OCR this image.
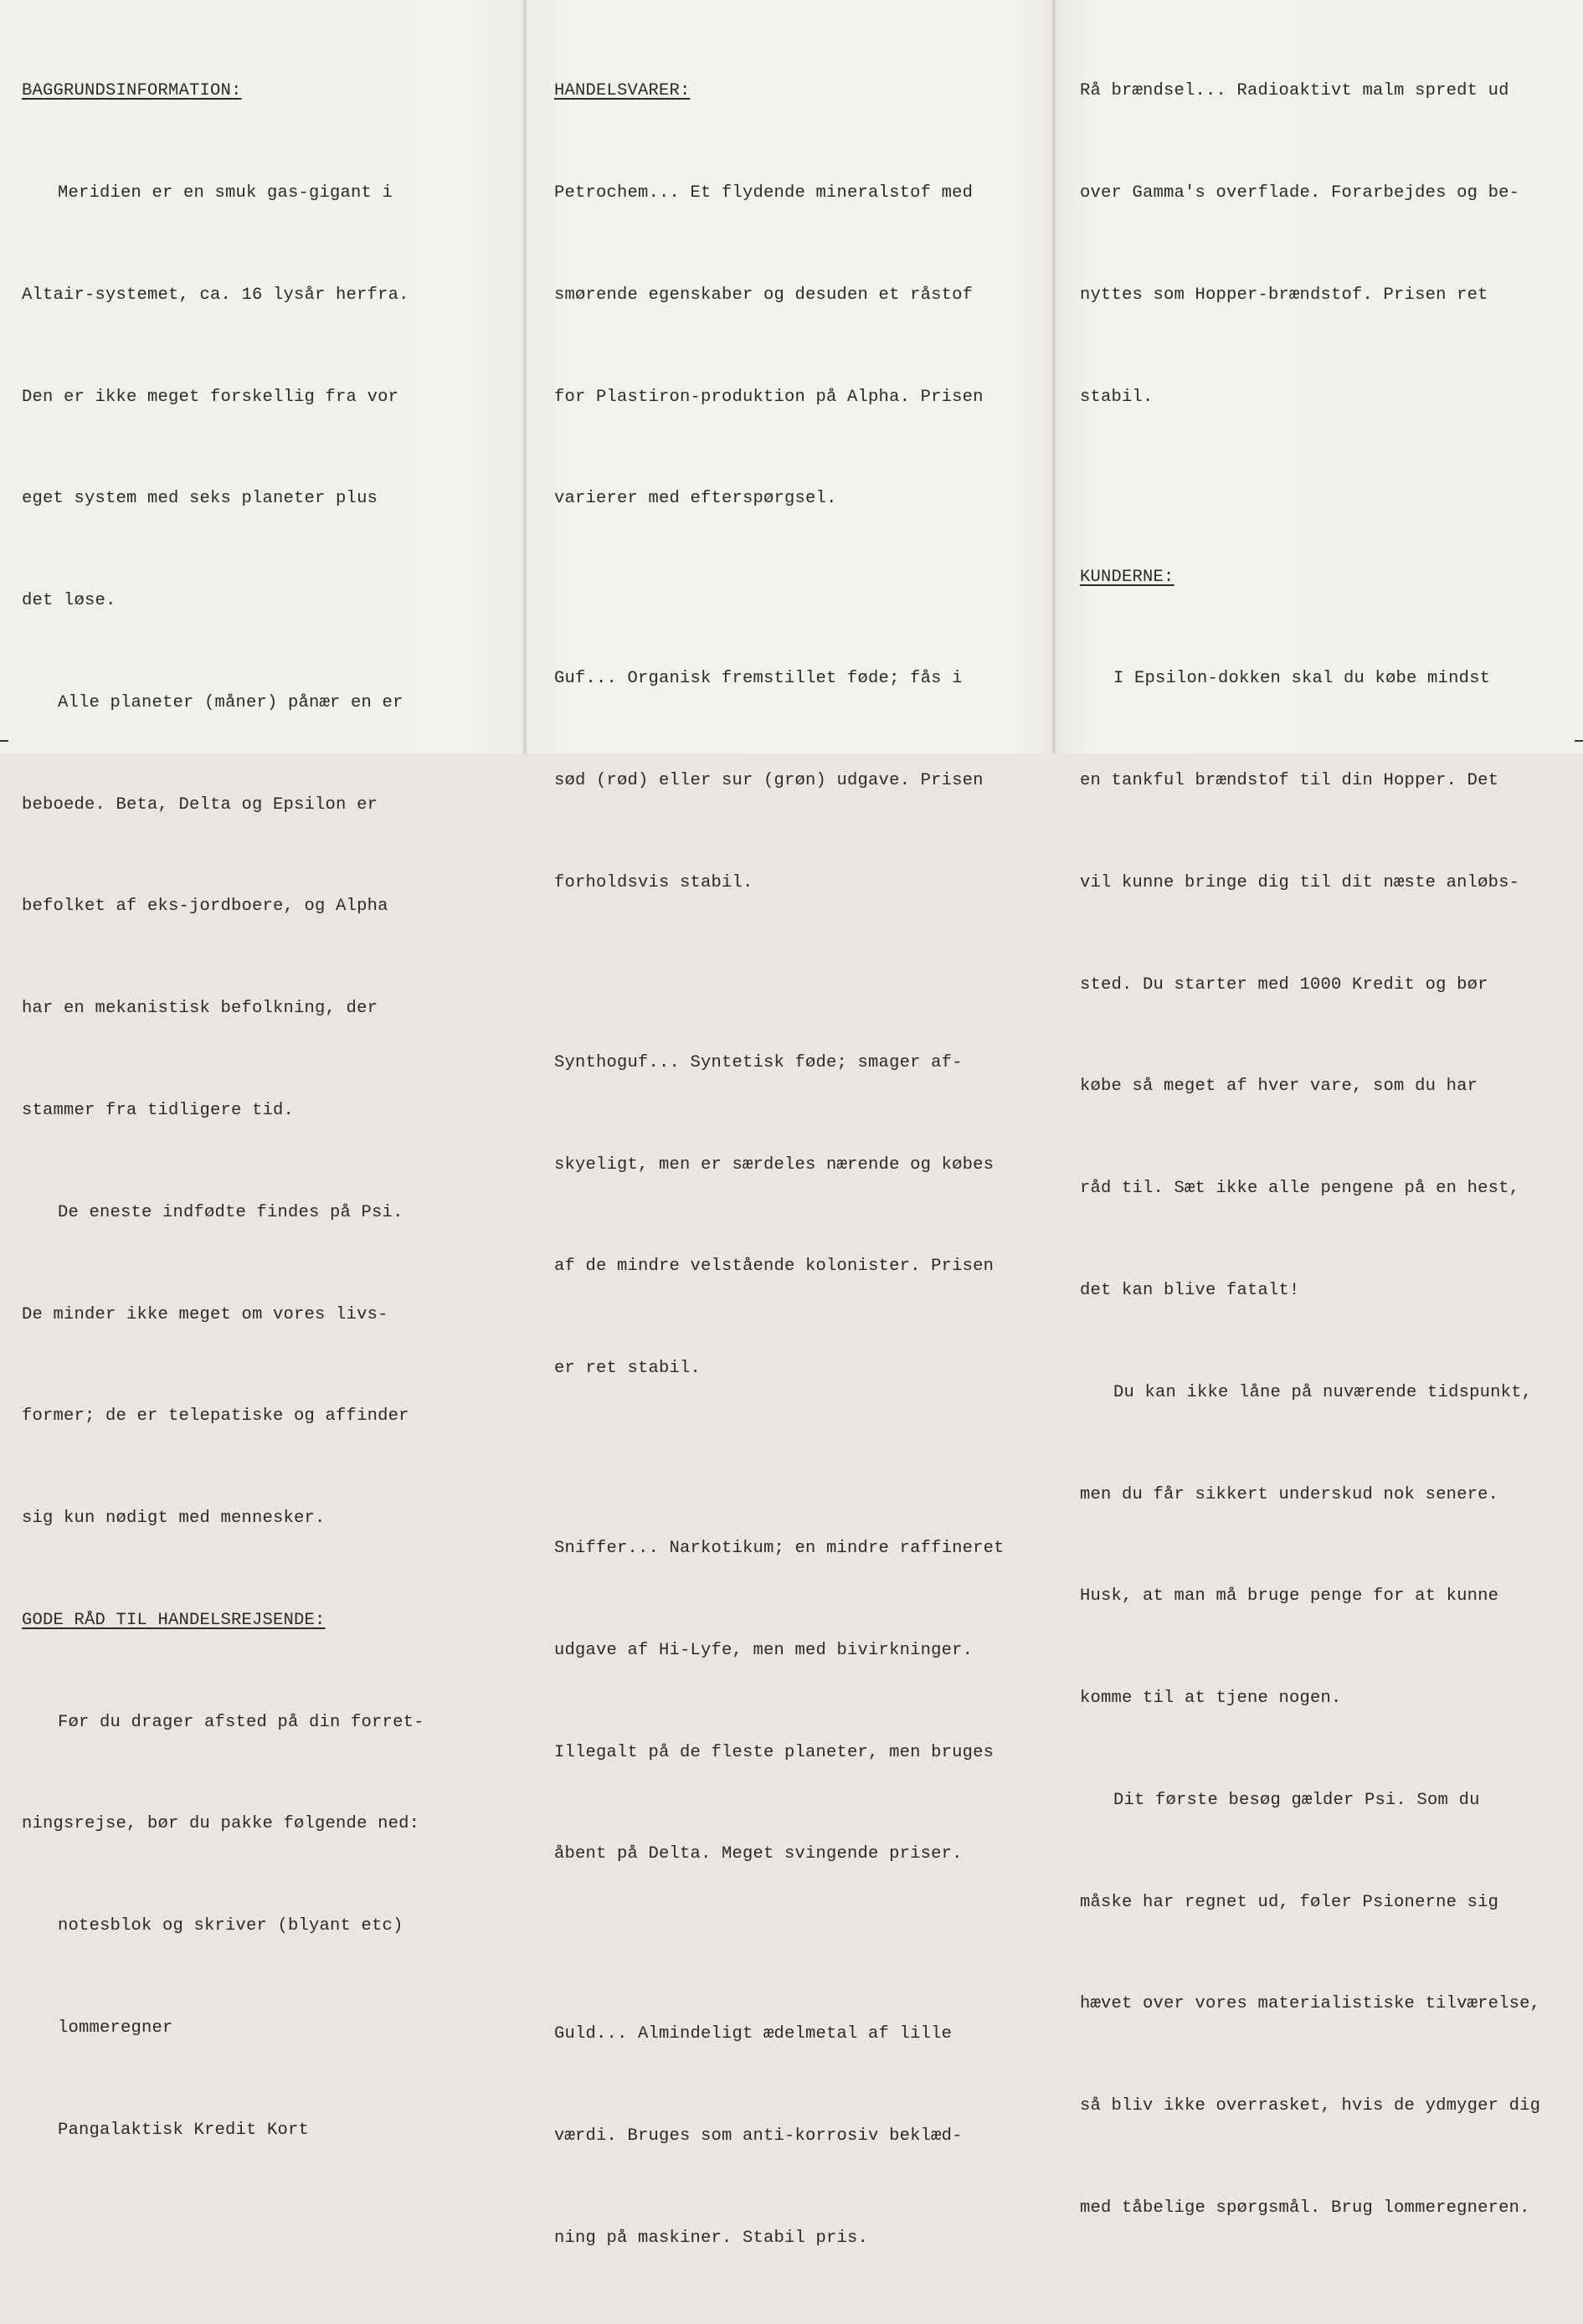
BAGGRUNDSINFORMATION:

Meridien er en smuk gas-gigant i

Altair-systemet, ca. 16 lysår herfra.

Den er ikke meget forskellig fra vor

eget system med seks planeter plus

det løse.

Alle planeter (måner) pånær en er

beboede. Beta, Delta og Epsilon er

befolket af eks-jordboere, og Alpha

har en mekanistisk befolkning, der

stammer fra tidligere tid.

De eneste indfødte findes på Psi.

De minder ikke meget om vores livs-

former; de er telepatiske og affinder

sig kun nødigt med mennesker.

GODE RÅD TIL HANDELSREJSENDE:

Før du drager afsted på din forret-

ningsrejse, bør du pakke følgende ned:

notesblok og skriver (blyant etc)

lommeregner

Pangalaktisk Kredit Kort

HANDELSVARER:

Petrochem... Et flydende mineralstof med

smørende egenskaber og desuden et råstof

for Plastiron-produktion på Alpha. Prisen

varierer med efterspørgsel.

Guf... Organisk fremstillet føde; fås i

sød (rød) eller sur (grøn) udgave. Prisen

forholdsvis stabil.

Synthoguf... Syntetisk føde; smager af-

skyeligt, men er særdeles nærende og købes

af de mindre velstående kolonister. Prisen

er ret stabil.

Sniffer... Narkotikum; en mindre raffineret

udgave af Hi-Lyfe, men med bivirkninger.

Illegalt på de fleste planeter, men bruges

åbent på Delta. Meget svingende priser.

Guld... Almindeligt ædelmetal af lille

værdi. Bruges som anti-korrosiv beklæd-

ning på maskiner. Stabil pris.

Rå brændsel... Radioaktivt malm spredt ud

over Gamma's overflade. Forarbejdes og be-

nyttes som Hopper-brændstof. Prisen ret

stabil.

KUNDERNE:

I Epsilon-dokken skal du købe mindst

en tankful brændstof til din Hopper. Det

vil kunne bringe dig til dit næste anløbs-

sted. Du starter med 1000 Kredit og bør

købe så meget af hver vare, som du har

råd til. Sæt ikke alle pengene på en hest,

det kan blive fatalt!

Du kan ikke låne på nuværende tidspunkt,

men du får sikkert underskud nok senere.

Husk, at man må bruge penge for at kunne

komme til at tjene nogen.

Dit første besøg gælder Psi. Som du

måske har regnet ud, føler Psionerne sig

hævet over vores materialistiske tilværelse,

så bliv ikke overrasket, hvis de ydmyger dig

med tåbelige spørgsmål. Brug lommeregneren.
